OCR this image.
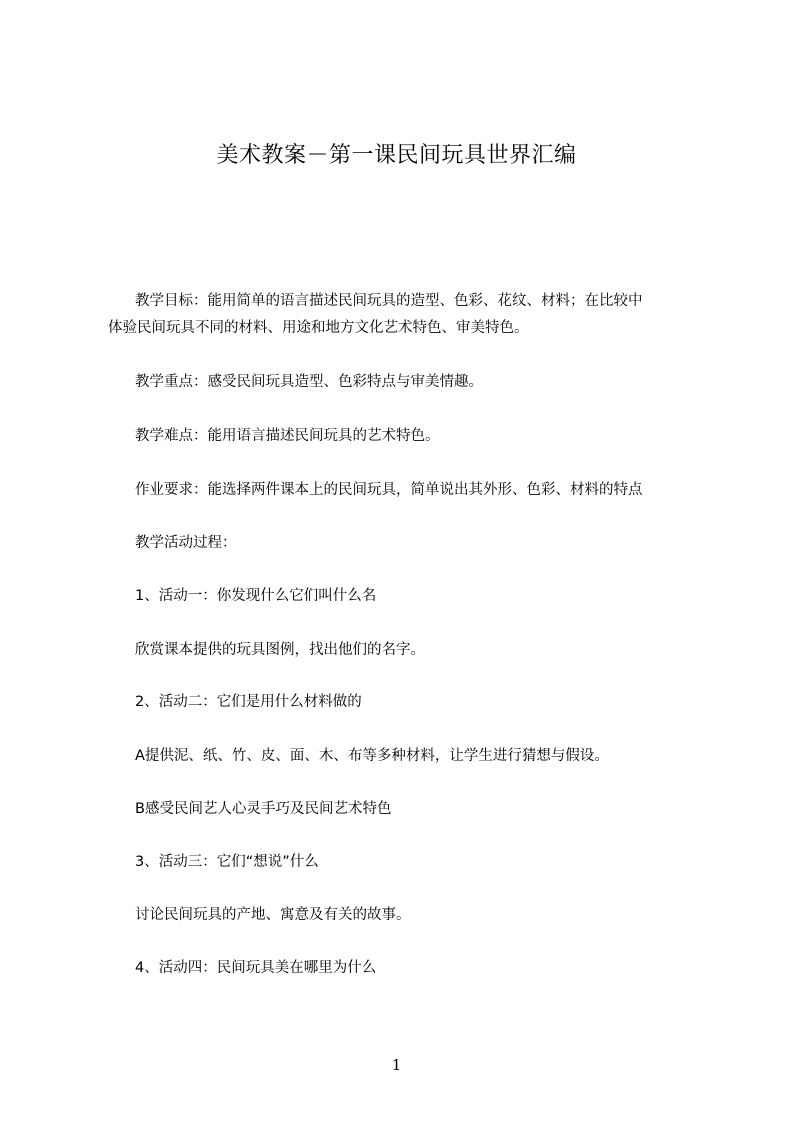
美术教案－第一课民间玩具世界汇编
教学目标：能用简单的语言描述民间玩具的造型、色彩、花纹、材料；在比较中
体验民间玩具不同的材料、用途和地方文化艺术特色、审美特色。
教学重点：感受民间玩具造型、色彩特点与审美情趣。
教学难点：能用语言描述民间玩具的艺术特色。
作业要求：能选择两件课本上的民间玩具，简单说出其外形、色彩、材料的特点
教学活动过程：
1、活动一：你发现什么它们叫什么名
欣赏课本提供的玩具图例，找出他们的名字。
2、活动二：它们是用什么材料做的
A提供泥、纸、竹、皮、面、木、布等多种材料，让学生进行猜想与假设。
B感受民间艺人心灵手巧及民间艺术特色
3、活动三：它们“想说”什么
讨论民间玩具的产地、寓意及有关的故事。
4、活动四：民间玩具美在哪里为什么
1
